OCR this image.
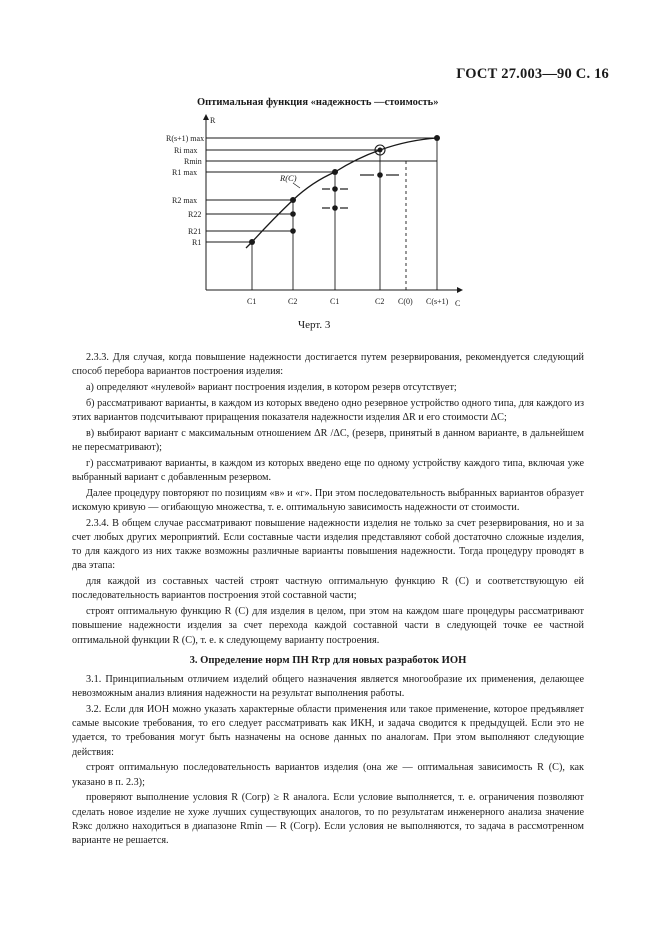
ГОСТ 27.003—90 С. 16
Оптимальная функция «надежность —стоимость»
R
C
R(C)
R(s+1) max
Ri max
Rmin
R1 max
R2 max
R22
R21
R1
C1	C2	C1	C2 C(0) C(s+1)
Черт. 3

2.3.3. Для случая, когда повышение надежности достигается путем резервирования, рекомендуется следующий способ перебора вариантов построения изделия:

а) определяют «нулевой» вариант построения изделия, в котором резерв отсутствует;

б) рассматривают варианты, в каждом из которых введено одно резервное устройство одного типа, для каждого из этих вариантов подсчитывают приращения показателя надежности изделия ΔR и его стоимости ΔC;

в) выбирают вариант с максимальным отношением ΔR /ΔC, (резерв, принятый в данном варианте, в дальнейшем не пересматривают);

г) рассматривают варианты, в каждом из которых введено еще по одному устройству каждого типа, включая уже выбранный вариант с добавленным резервом.

Далее процедуру повторяют по позициям «в» и «г». При этом последовательность выбранных вариантов образует искомую кривую — огибающую множества, т. е. оптимальную зависимость надежности от стоимости.

2.3.4. В общем случае рассматривают повышение надежности изделия не только за счет резервирования, но и за счет любых других мероприятий. Если составные части изделия представляют собой достаточно сложные изделия, то для каждого из них также возможны различные варианты повышения надежности. Тогда процедуру проводят в два этапа:

для каждой из составных частей строят частную оптимальную функцию R (C) и соответствующую ей последовательность вариантов построения этой составной части;

строят оптимальную функцию R (C) для изделия в целом, при этом на каждом шаге процедуры рассматривают повышение надежности изделия за счет перехода каждой составной части в следующей точке ее частной оптимальной функции R (C), т. е. к следующему варианту построения.

3. Определение норм ПН Rтр для новых разработок ИОН

3.1. Принципиальным отличием изделий общего назначения является многообразие их применения, делающее невозможным анализ влияния надежности на результат выполнения работы.

3.2. Если для ИОН можно указать характерные области применения или такое применение, которое предъявляет самые высокие требования, то его следует рассматривать как ИКН, и задача сводится к предыдущей. Если это не удается, то требования могут быть назначены на основе данных по аналогам. При этом выполняют следующие действия:

строят оптимальную последовательность вариантов изделия (она же — оптимальная зависимость R (C), как указано в п. 2.3);

проверяют выполнение условия R (Cогр) ≥ R аналога. Если условие выполняется, т. е. ограничения позволяют сделать новое изделие не хуже лучших существующих аналогов, то по результатам инженерного анализа значение Rэкс должно находиться в диапазоне Rmin — R (Cогр). Если условия не выполняются, то задача в рассмотренном варианте не решается.
